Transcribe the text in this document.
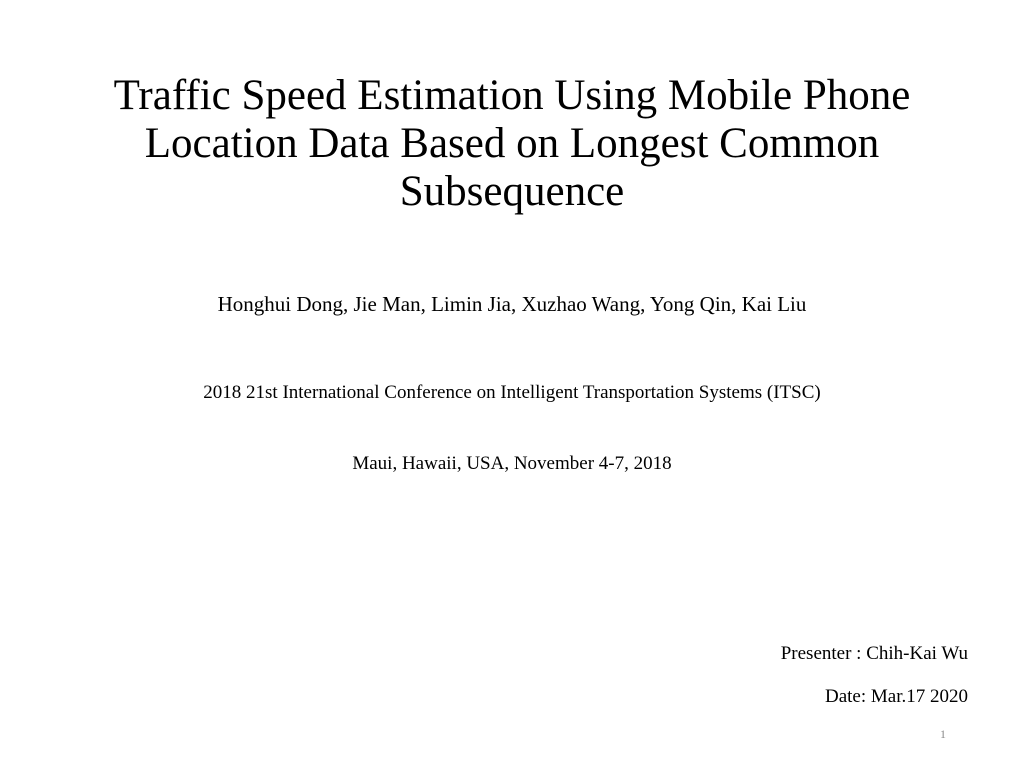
Traffic Speed Estimation Using Mobile Phone Location Data Based on Longest Common Subsequence
Honghui Dong, Jie Man, Limin Jia, Xuzhao Wang, Yong Qin, Kai Liu
2018 21st International Conference on Intelligent Transportation Systems (ITSC)
Maui, Hawaii, USA, November 4-7, 2018
Presenter : Chih-Kai Wu
Date: Mar.17 2020
1
